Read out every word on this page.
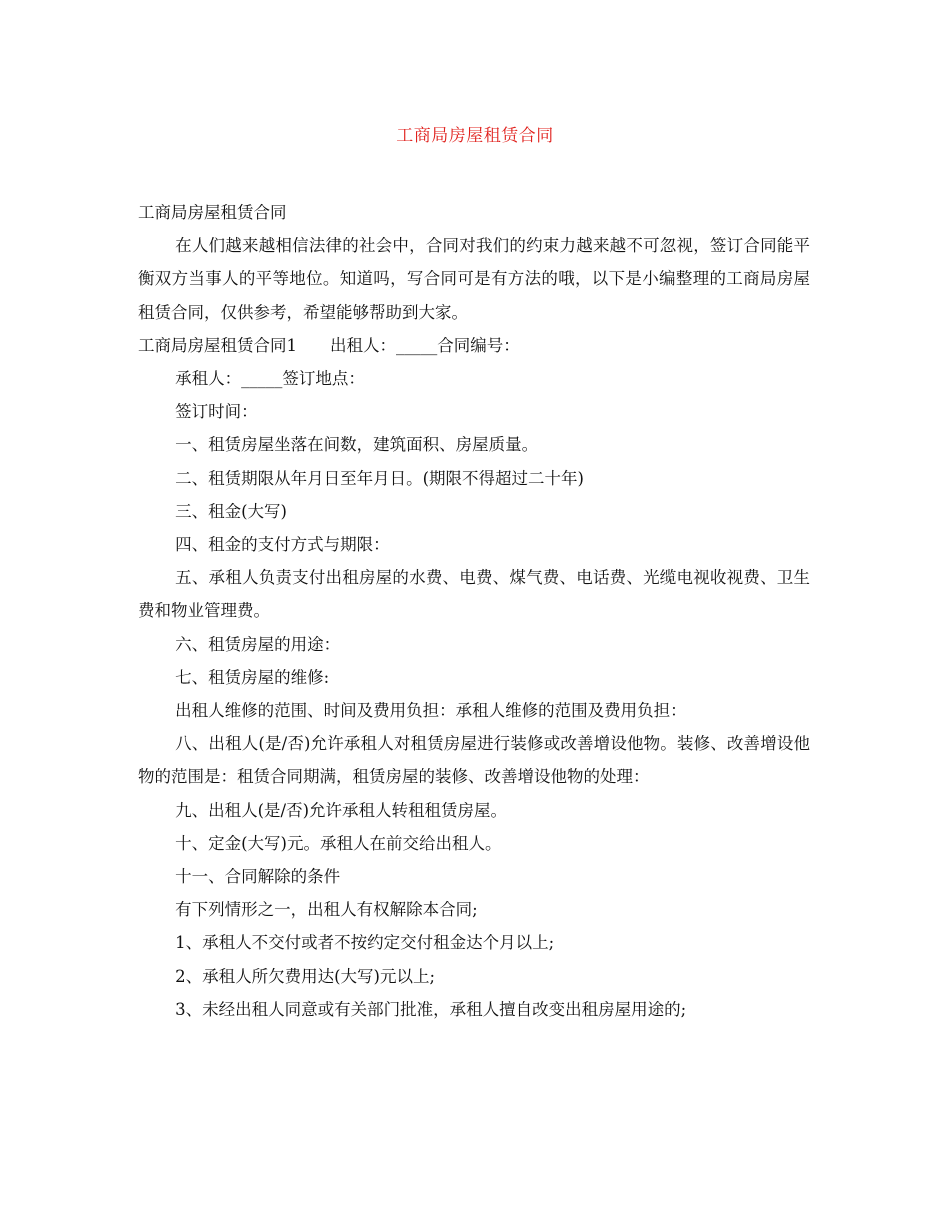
工商局房屋租赁合同

工商局房屋租赁合同

在人们越来越相信法律的社会中，合同对我们的约束力越来越不可忽视，签订合同能平衡双方当事人的平等地位。知道吗，写合同可是有方法的哦，以下是小编整理的工商局房屋租赁合同，仅供参考，希望能够帮助到大家。

工商局房屋租赁合同1　　出租人：_____合同编号：

承租人：_____签订地点：

签订时间：

一、租赁房屋坐落在间数，建筑面积、房屋质量。

二、租赁期限从年月日至年月日。(期限不得超过二十年)

三、租金(大写)

四、租金的支付方式与期限：

五、承租人负责支付出租房屋的水费、电费、煤气费、电话费、光缆电视收视费、卫生费和物业管理费。

六、租赁房屋的用途：

七、租赁房屋的维修:

出租人维修的范围、时间及费用负担：承租人维修的范围及费用负担：

八、出租人(是/否)允许承租人对租赁房屋进行装修或改善增设他物。装修、改善增设他物的范围是：租赁合同期满，租赁房屋的装修、改善增设他物的处理：

九、出租人(是/否)允许承租人转租租赁房屋。

十、定金(大写)元。承租人在前交给出租人。

十一、合同解除的条件

有下列情形之一，出租人有权解除本合同;

1、承租人不交付或者不按约定交付租金达个月以上;

2、承租人所欠费用达(大写)元以上;

3、未经出租人同意或有关部门批准，承租人擅自改变出租房屋用途的;
